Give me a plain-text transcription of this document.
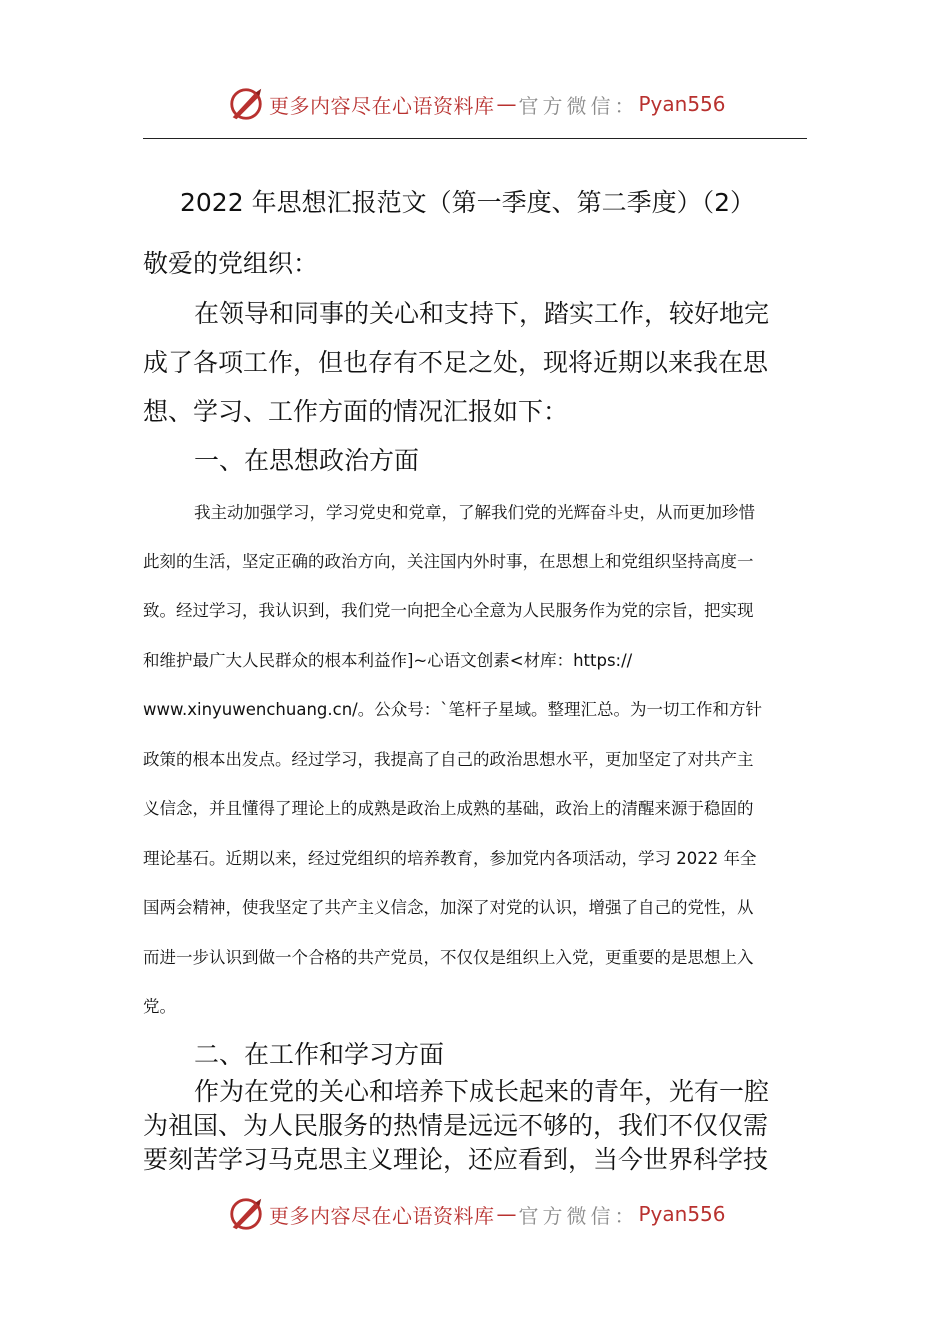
更多内容尽在心语资料库 — 官方微信： Pyan556
2022 年思想汇报范文（第一季度、第二季度）（2）
敬爱的党组织：
在领导和同事的关心和支持下，踏实工作，较好地完
成了各项工作，但也存有不足之处，现将近期以来我在思
想、学习、工作方面的情况汇报如下：
一、在思想政治方面
我主动加强学习，学习党史和党章，了解我们党的光辉奋斗史，从而更加珍惜
此刻的生活，坚定正确的政治方向，关注国内外时事，在思想上和党组织坚持高度一
致。经过学习，我认识到，我们党一向把全心全意为人民服务作为党的宗旨，把实现
和维护最广大人民群众的根本利益作]~心语文创素<材库：https://
www.xinyuwenchuang.cn/。公众号：`笔杆子星域。整理汇总。为一切工作和方针
政策的根本出发点。经过学习，我提高了自己的政治思想水平，更加坚定了对共产主
义信念，并且懂得了理论上的成熟是政治上成熟的基础，政治上的清醒来源于稳固的
理论基石。近期以来，经过党组织的培养教育，参加党内各项活动，学习 2022 年全
国两会精神，使我坚定了共产主义信念，加深了对党的认识，增强了自己的党性，从
而进一步认识到做一个合格的共产党员，不仅仅是组织上入党，更重要的是思想上入
党。
二、在工作和学习方面
作为在党的关心和培养下成长起来的青年，光有一腔
为祖国、为人民服务的热情是远远不够的，我们不仅仅需
要刻苦学习马克思主义理论，还应看到，当今世界科学技
更多内容尽在心语资料库 — 官方微信： Pyan556
